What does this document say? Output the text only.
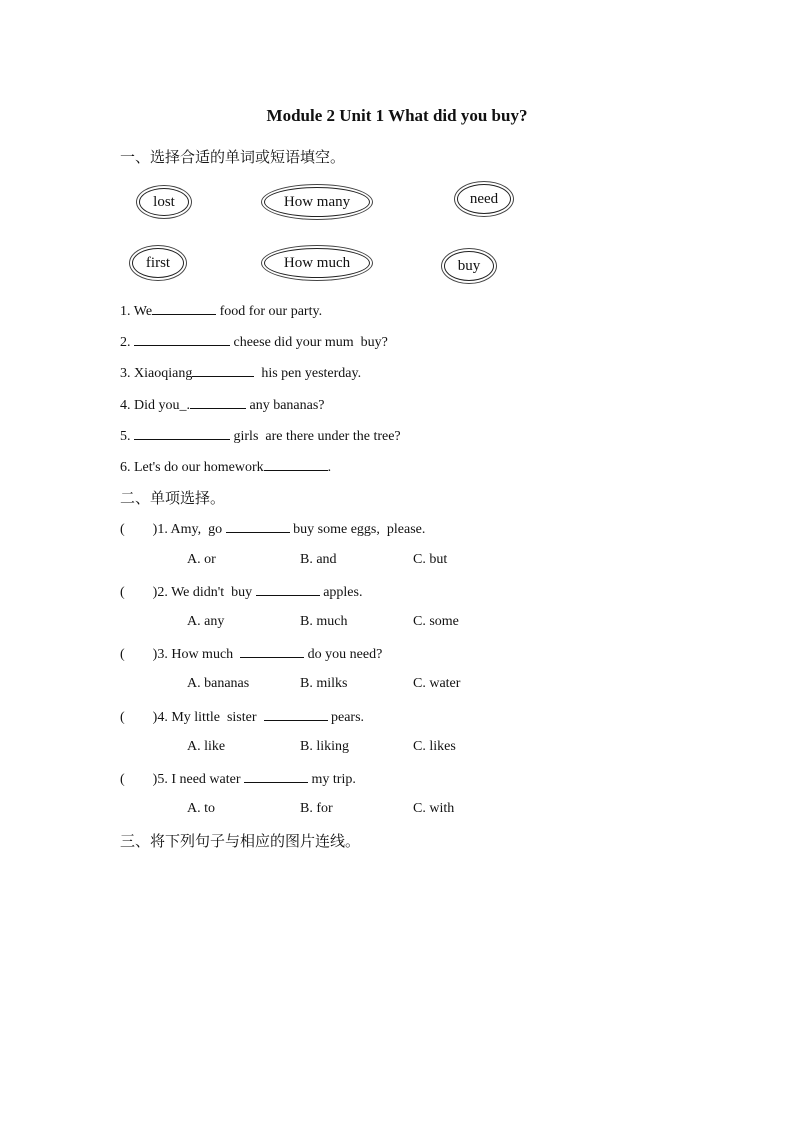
Module 2 Unit 1 What did you buy?
一、选择合适的单词或短语填空。
lost	How many	need
first	How much	buy
1. We	food for our party.
2.	cheese did your mum  buy?
3. Xiaoqiang	his pen yesterday.
4. Did you_.	any bananas?
5.	girls  are there under the tree?
6. Let's do our homework	.
二、单项选择。
(        )1. Amy,  go	buy some eggs,  please.
A. or	B. and	C. but
(        )2. We didn't  buy	apples.
A. any	B. much	C. some
(        )3. How much	do you need?
A. bananas	B. milks	C. water
(        )4. My little  sister	pears.
A. like	B. liking	C. likes
(        )5. I need water	my trip.
A. to	B. for	C. with
三、将下列句子与相应的图片连线。
